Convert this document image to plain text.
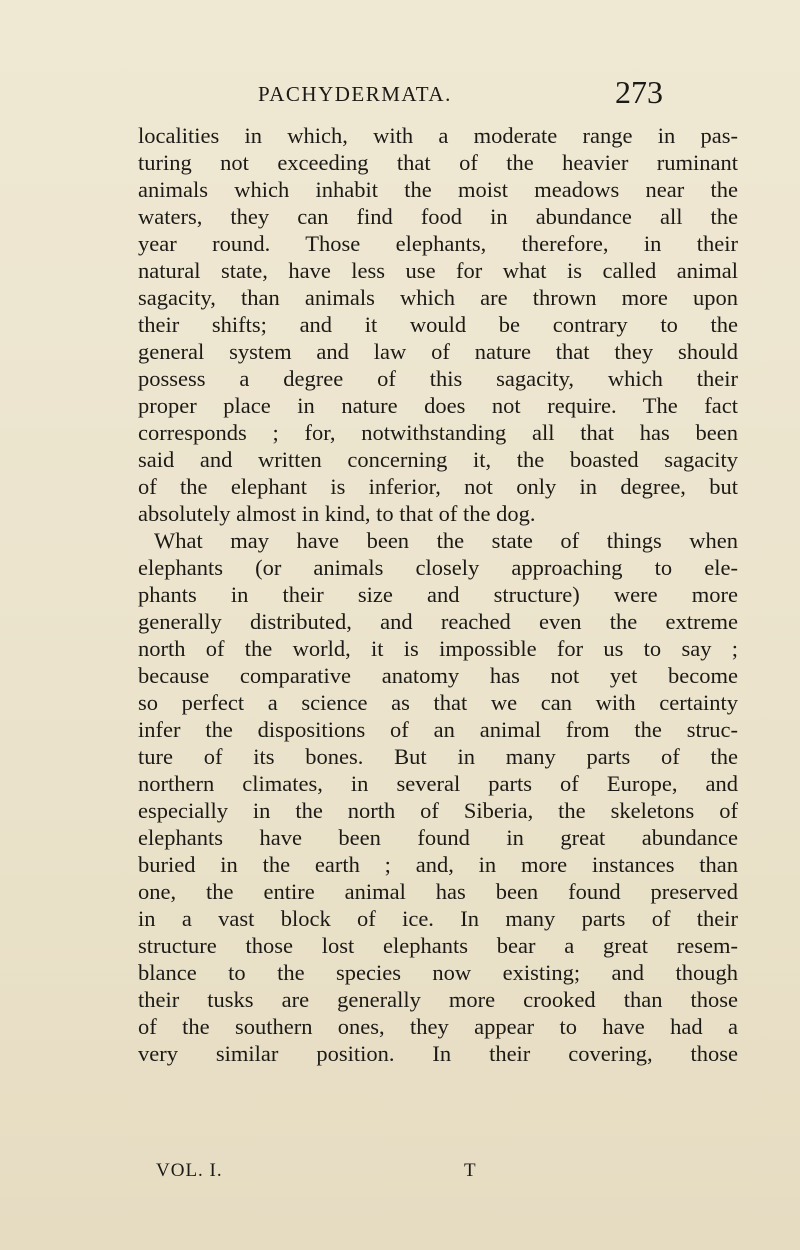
PACHYDERMATA.	273
localities in which, with a moderate range in pas-
turing not exceeding that of the heavier ruminant
animals which inhabit the moist meadows near the
waters, they can find food in abundance all the
year round. Those elephants, therefore, in their
natural state, have less use for what is called animal
sagacity, than animals which are thrown more upon
their shifts; and it would be contrary to the
general system and law of nature that they should
possess a degree of this sagacity, which their
proper place in nature does not require. The fact
corresponds ; for, notwithstanding all that has been
said and written concerning it, the boasted sagacity
of the elephant is inferior, not only in degree, but
absolutely almost in kind, to that of the dog.
What may have been the state of things when
elephants (or animals closely approaching to ele-
phants in their size and structure) were more
generally distributed, and reached even the extreme
north of the world, it is impossible for us to say ;
because comparative anatomy has not yet become
so perfect a science as that we can with certainty
infer the dispositions of an animal from the struc-
ture of its bones. But in many parts of the
northern climates, in several parts of Europe, and
especially in the north of Siberia, the skeletons of
elephants have been found in great abundance
buried in the earth ; and, in more instances than
one, the entire animal has been found preserved
in a vast block of ice. In many parts of their
structure those lost elephants bear a great resem-
blance to the species now existing; and though
their tusks are generally more crooked than those
of the southern ones, they appear to have had a
very similar position. In their covering, those
VOL. I.	T
